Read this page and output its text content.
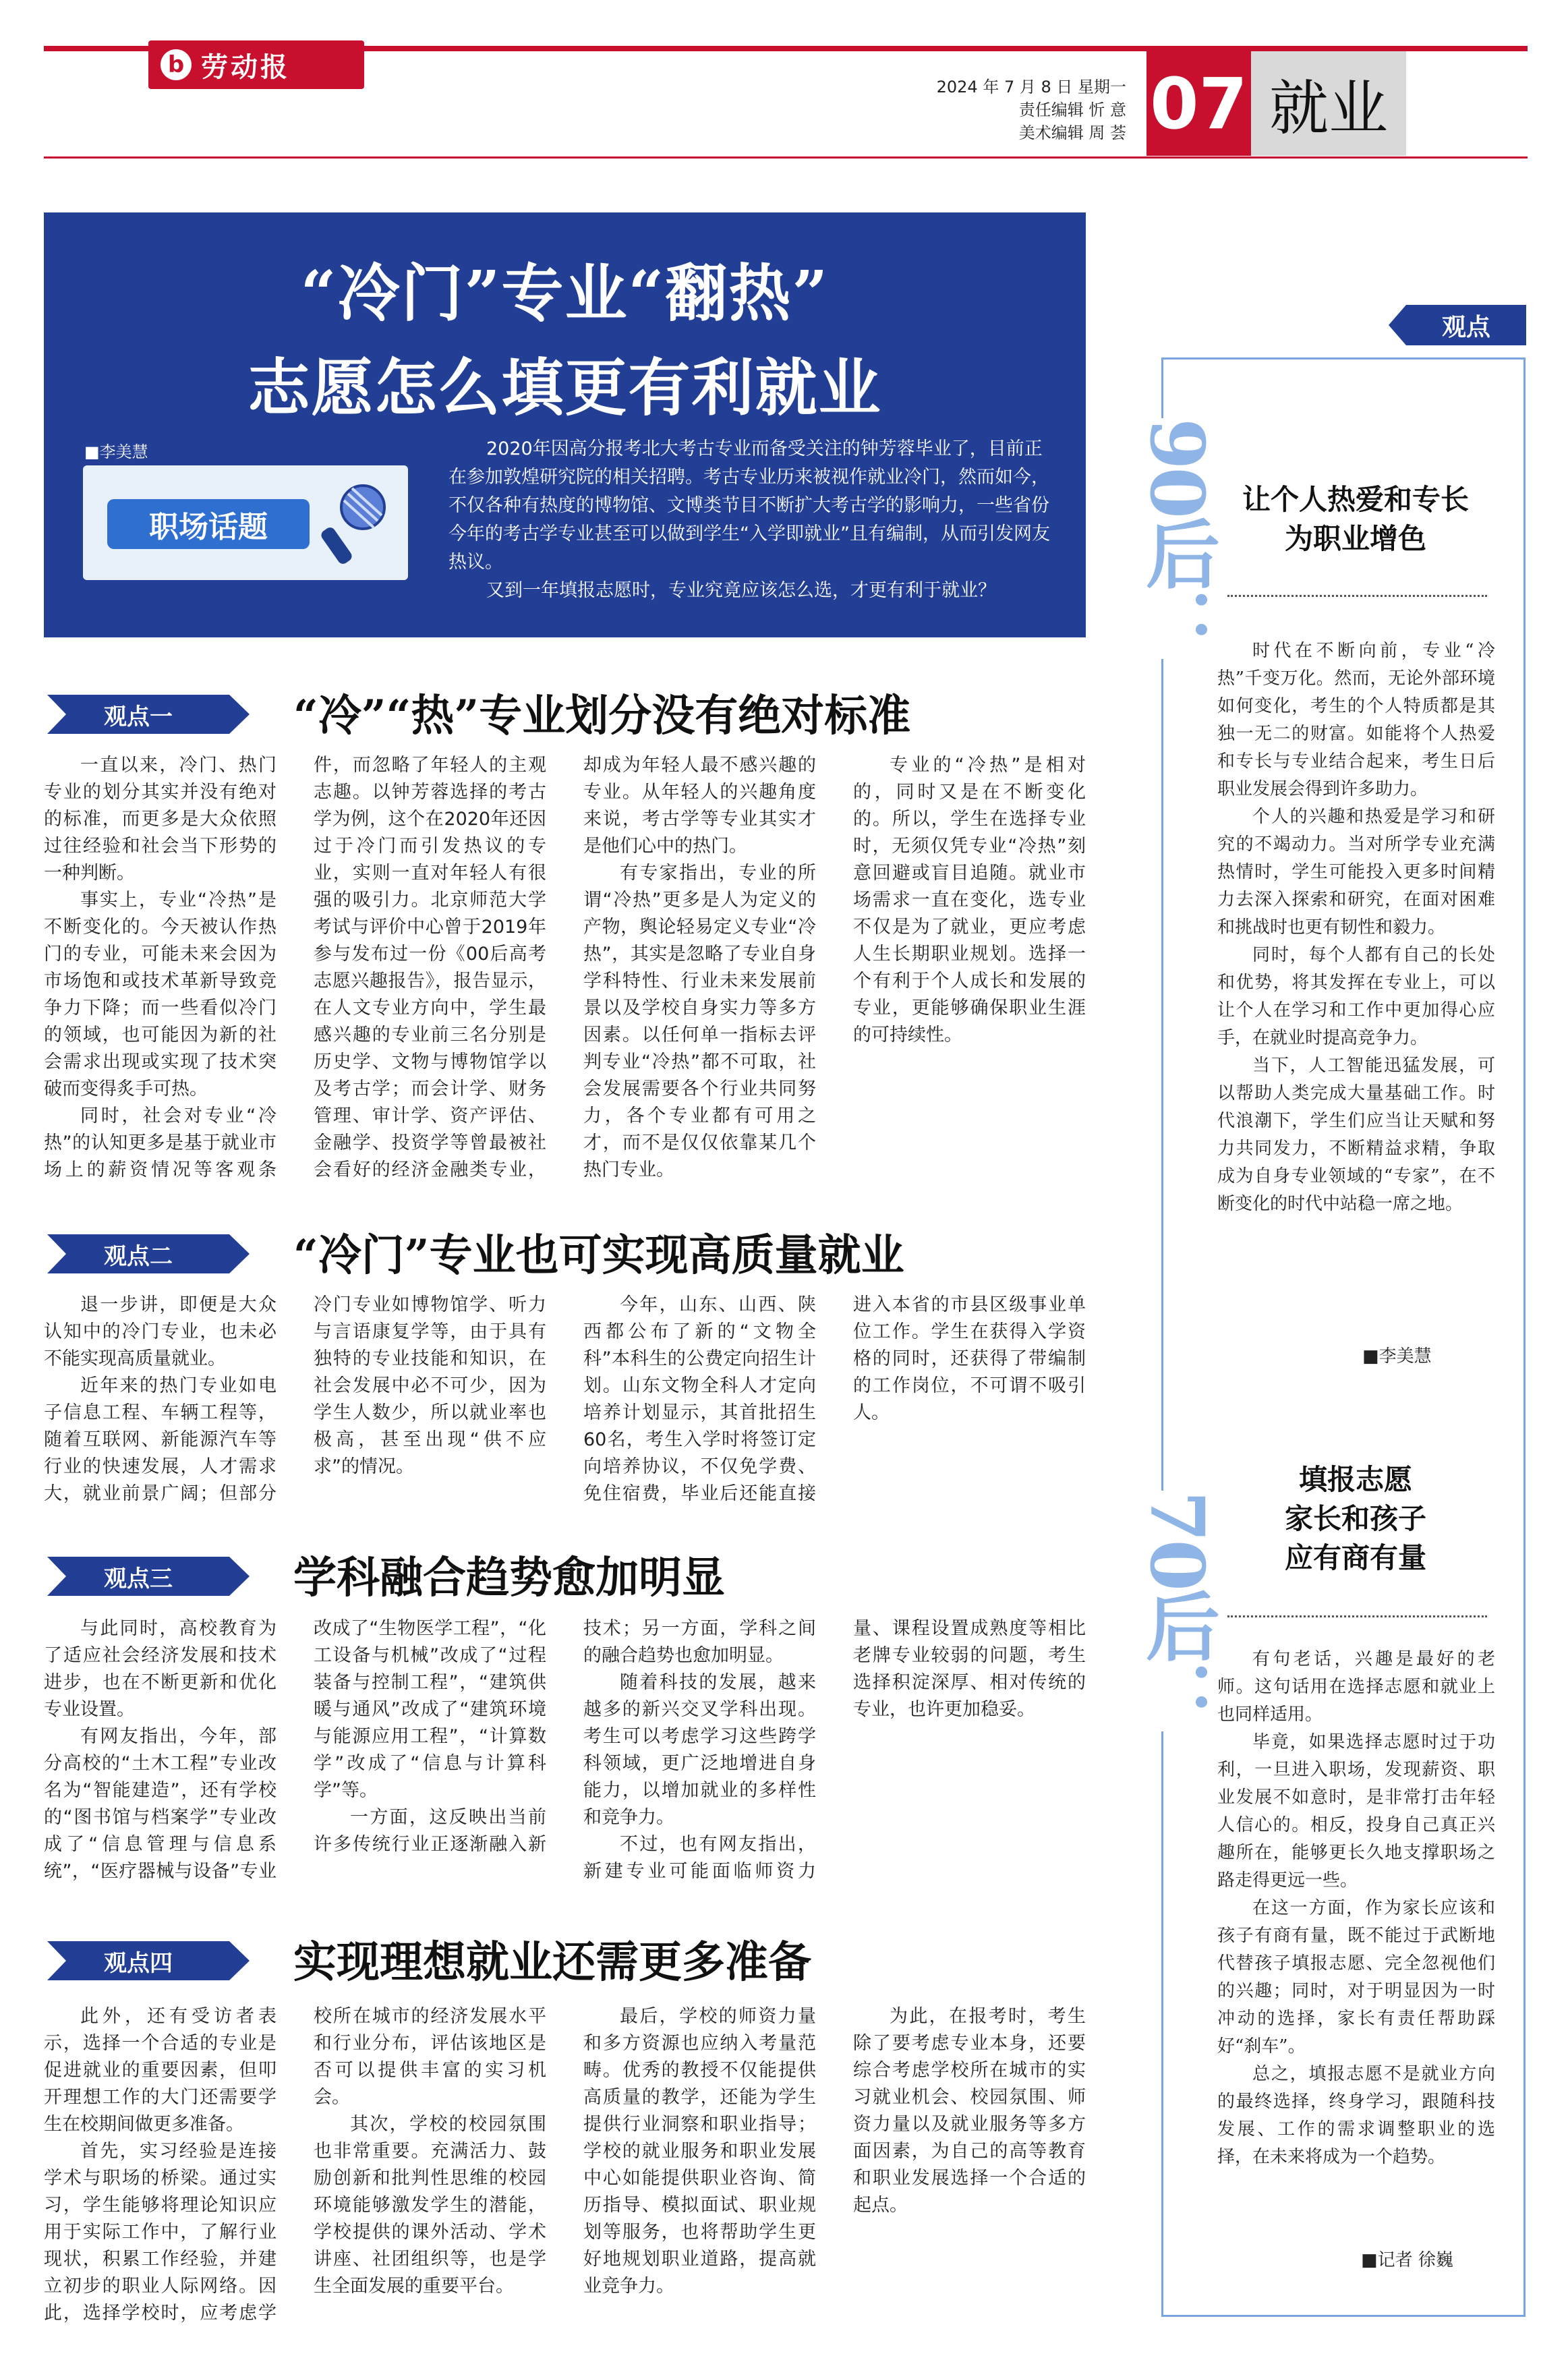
b 劳动报
2024 年 7 月 8 日 星期一
责任编辑 忻 意
美术编辑 周 荟 07 就业
“冷门”专业“翻热”
志愿怎么填更有利就业
职场话题

2020年因高分报考北大考古专业而备受关注的钟芳蓉毕业了，目前正在参加敦煌研究院的相关招聘。考古专业历来被视作就业冷门，然而如今，不仅各种有热度的博物馆、文博类节目不断扩大考古学的影响力，一些省份今年的考古学专业甚至可以做到学生“入学即就业”且有编制，从而引发网友热议。

又到一年填报志愿时，专业究竟应该怎么选，才更有利于就业？

■李美慧
观点一	“冷”“热”专业划分没有绝对标准

一直以来，冷门、热门专业的划分其实并没有绝对的标准，而更多是大众依照过往经验和社会当下形势的一种判断。

事实上，专业“冷热”是不断变化的。今天被认作热门的专业，可能未来会因为市场饱和或技术革新导致竞争力下降；而一些看似冷门的领域，也可能因为新的社会需求出现或实现了技术突破而变得炙手可热。

同时，社会对专业“冷热”的认知更多是基于就业市场上的薪资情况等客观条件，而忽略了年轻人的主观志趣。以钟芳蓉选择的考古学为例，这个在2020年还因过于冷门而引发热议的专业，实则一直对年轻人有很强的吸引力。北京师范大学考试与评价中心曾于2019年参与发布过一份《00后高考志愿兴趣报告》，报告显示，在人文专业方向中，学生最感兴趣的专业前三名分别是历史学、文物与博物馆学以及考古学；而会计学、财务管理、审计学、资产评估、金融学、投资学等曾最被社会看好的经济金融类专业，却成为年轻人最不感兴趣的专业。从年轻人的兴趣角度来说，考古学等专业其实才是他们心中的热门。

有专家指出，专业的所谓“冷热”更多是人为定义的产物，舆论轻易定义专业“冷热”，其实是忽略了专业自身学科特性、行业未来发展前景以及学校自身实力等多方因素。以任何单一指标去评判专业“冷热”都不可取，社会发展需要各个行业共同努力，各个专业都有可用之才，而不是仅仅依靠某几个热门专业。

专业的“冷热”是相对的，同时又是在不断变化的。所以，学生在选择专业时，无须仅凭专业“冷热”刻意回避或盲目追随。就业市场需求一直在变化，选专业不仅是为了就业，更应考虑人生长期职业规划。选择一个有利于个人成长和发展的专业，更能够确保职业生涯的可持续性。

观点二	“冷门”专业也可实现高质量就业

退一步讲，即便是大众认知中的冷门专业，也未必不能实现高质量就业。

近年来的热门专业如电子信息工程、车辆工程等，随着互联网、新能源汽车等行业的快速发展，人才需求大，就业前景广阔；但部分冷门专业如博物馆学、听力与言语康复学等，由于具有独特的专业技能和知识，在社会发展中必不可少，因为学生人数少，所以就业率也极高，甚至出现“供不应求”的情况。

今年，山东、山西、陕西都公布了新的“文物全科”本科生的公费定向招生计划。山东文物全科人才定向培养计划显示，其首批招生60名，考生入学时将签订定向培养协议，不仅免学费、免住宿费，毕业后还能直接进入本省的市县区级事业单位工作。学生在获得入学资格的同时，还获得了带编制的工作岗位，不可谓不吸引人。

观点三	学科融合趋势愈加明显

与此同时，高校教育为了适应社会经济发展和技术进步，也在不断更新和优化专业设置。

有网友指出，今年，部分高校的“土木工程”专业改名为“智能建造”，还有学校的“图书馆与档案学”专业改成了“信息管理与信息系统”，“医疗器械与设备”专业改成了“生物医学工程”，“化工设备与机械”改成了“过程装备与控制工程”，“建筑供暖与通风”改成了“建筑环境与能源应用工程”，“计算数学”改成了“信息与计算科学”等。

一方面，这反映出当前许多传统行业正逐渐融入新技术；另一方面，学科之间的融合趋势也愈加明显。

随着科技的发展，越来越多的新兴交叉学科出现。考生可以考虑学习这些跨学科领域，更广泛地增进自身能力，以增加就业的多样性和竞争力。

不过，也有网友指出，新建专业可能面临师资力量、课程设置成熟度等相比老牌专业较弱的问题，考生选择积淀深厚、相对传统的专业，也许更加稳妥。

观点四	实现理想就业还需更多准备

此外，还有受访者表示，选择一个合适的专业是促进就业的重要因素，但叩开理想工作的大门还需要学生在校期间做更多准备。

首先，实习经验是连接学术与职场的桥梁。通过实习，学生能够将理论知识应用于实际工作中，了解行业现状，积累工作经验，并建立初步的职业人际网络。因此，选择学校时，应考虑学校所在城市的经济发展水平和行业分布，评估该地区是否可以提供丰富的实习机会。

其次，学校的校园氛围也非常重要。充满活力、鼓励创新和批判性思维的校园环境能够激发学生的潜能，学校提供的课外活动、学术讲座、社团组织等，也是学生全面发展的重要平台。

最后，学校的师资力量和多方资源也应纳入考量范畴。优秀的教授不仅能提供高质量的教学，还能为学生提供行业洞察和职业指导；学校的就业服务和职业发展中心如能提供职业咨询、简历指导、模拟面试、职业规划等服务，也将帮助学生更好地规划职业道路，提高就业竞争力。

为此，在报考时，考生除了要考虑专业本身，还要综合考虑学校所在城市的实习就业机会、校园氛围、师资力量以及就业服务等多方面因素，为自己的高等教育和职业发展选择一个合适的起点。

观点
90后： 让个人热爱和专长
为职业增色

时代在不断向前，专业“冷热”千变万化。然而，无论外部环境如何变化，考生的个人特质都是其独一无二的财富。如能将个人热爱和专长与专业结合起来，考生日后职业发展会得到许多助力。

个人的兴趣和热爱是学习和研究的不竭动力。当对所学专业充满热情时，学生可能投入更多时间精力去深入探索和研究，在面对困难和挑战时也更有韧性和毅力。

同时，每个人都有自己的长处和优势，将其发挥在专业上，可以让个人在学习和工作中更加得心应手，在就业时提高竞争力。

当下，人工智能迅猛发展，可以帮助人类完成大量基础工作。时代浪潮下，学生们应当让天赋和努力共同发力，不断精益求精，争取成为自身专业领域的“专家”，在不断变化的时代中站稳一席之地。

■李美慧
70后：
填报志愿
家长和孩子
应有商有量

有句老话，兴趣是最好的老师。这句话用在选择志愿和就业上也同样适用。

毕竟，如果选择志愿时过于功利，一旦进入职场，发现薪资、职业发展不如意时，是非常打击年轻人信心的。相反，投身自己真正兴趣所在，能够更长久地支撑职场之路走得更远一些。

在这一方面，作为家长应该和孩子有商有量，既不能过于武断地代替孩子填报志愿、完全忽视他们的兴趣；同时，对于明显因为一时冲动的选择，家长有责任帮助踩好“刹车”。

总之，填报志愿不是就业方向的最终选择，终身学习，跟随科技发展、工作的需求调整职业的选择，在未来将成为一个趋势。

■记者 徐巍
